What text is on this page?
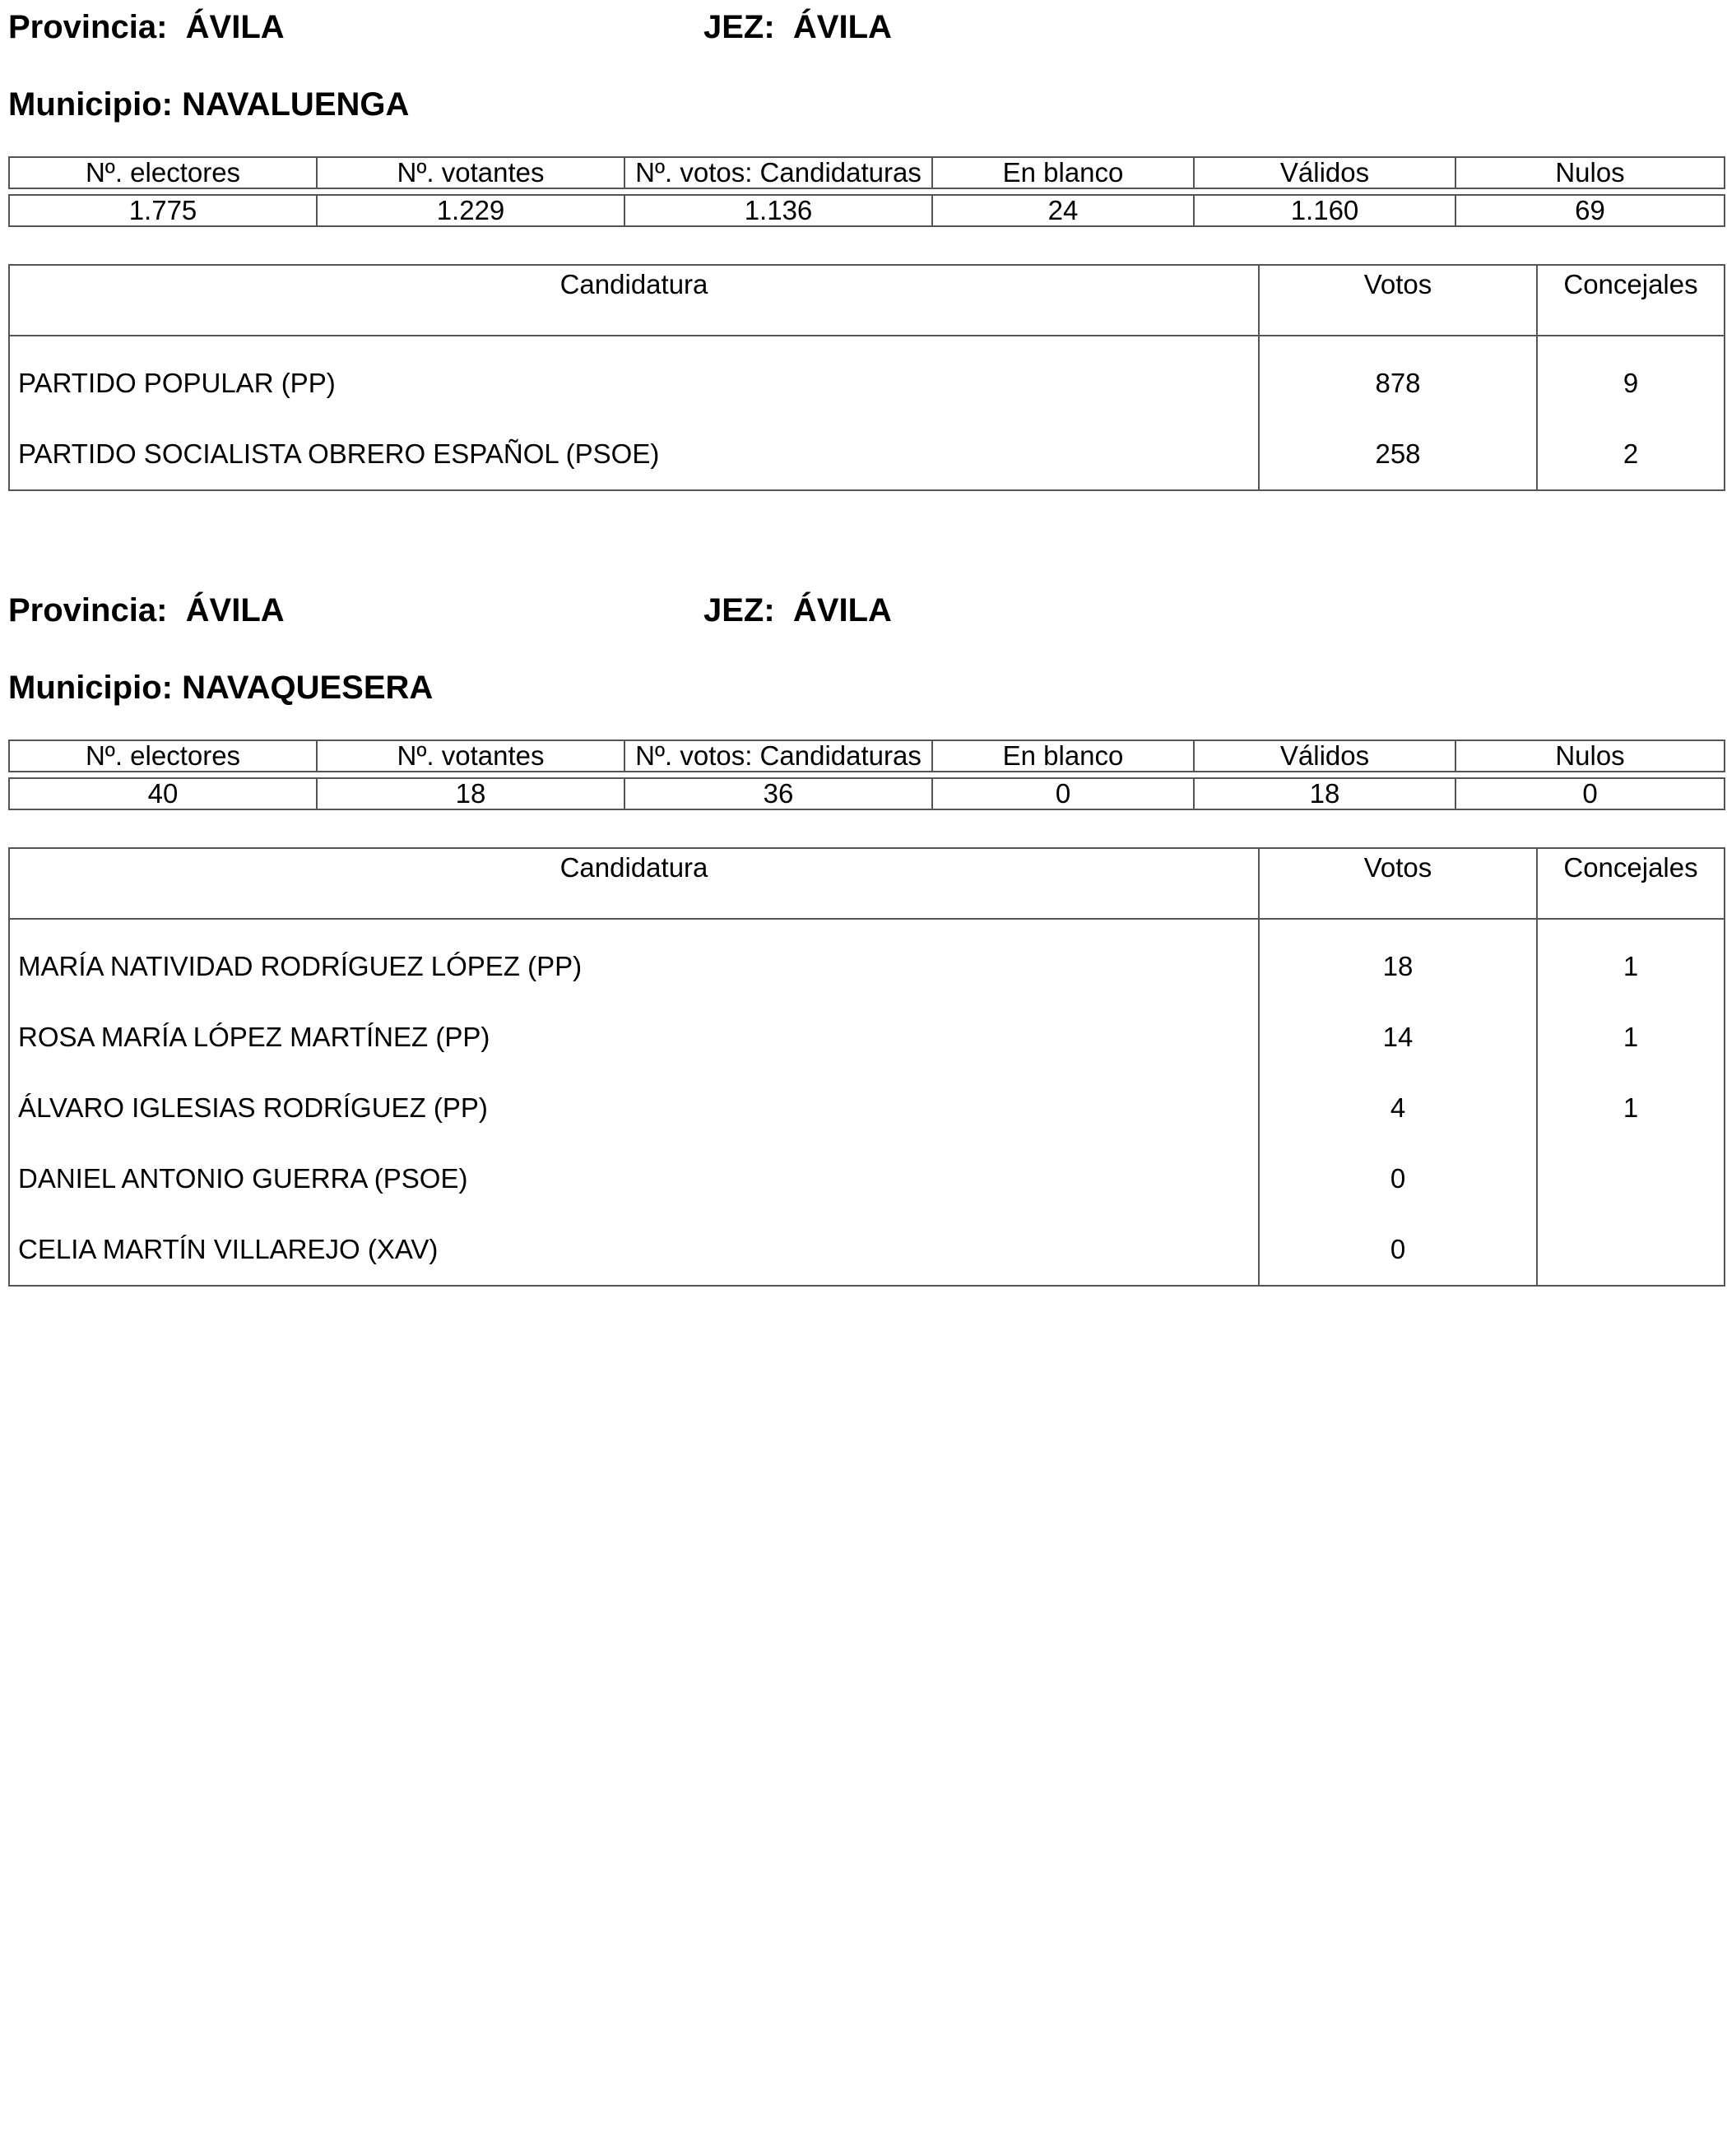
Provincia: ÁVILA	JEZ: ÁVILA
Municipio: NAVALUENGA
Nº. electores	Nº. votantes	Nº. votos: Candidaturas	En blanco	Válidos	Nulos

1.775	1.229	1.136	24	1.160	69
Candidatura	Votos	Concejales
PARTIDO POPULAR (PP)	878	9
PARTIDO SOCIALISTA OBRERO ESPAÑOL (PSOE)	258	2
Provincia: ÁVILA	JEZ: ÁVILA
Municipio: NAVAQUESERA
Nº. electores	Nº. votantes	Nº. votos: Candidaturas	En blanco	Válidos	Nulos

40	18	36	0	18	0
Candidatura	Votos	Concejales
MARÍA NATIVIDAD RODRÍGUEZ LÓPEZ (PP)	18	1
ROSA MARÍA LÓPEZ MARTÍNEZ (PP)	14	1
ÁLVARO IGLESIAS RODRÍGUEZ (PP)	4	1
DANIEL ANTONIO GUERRA (PSOE)	0	
CELIA MARTÍN VILLAREJO (XAV)	0	
